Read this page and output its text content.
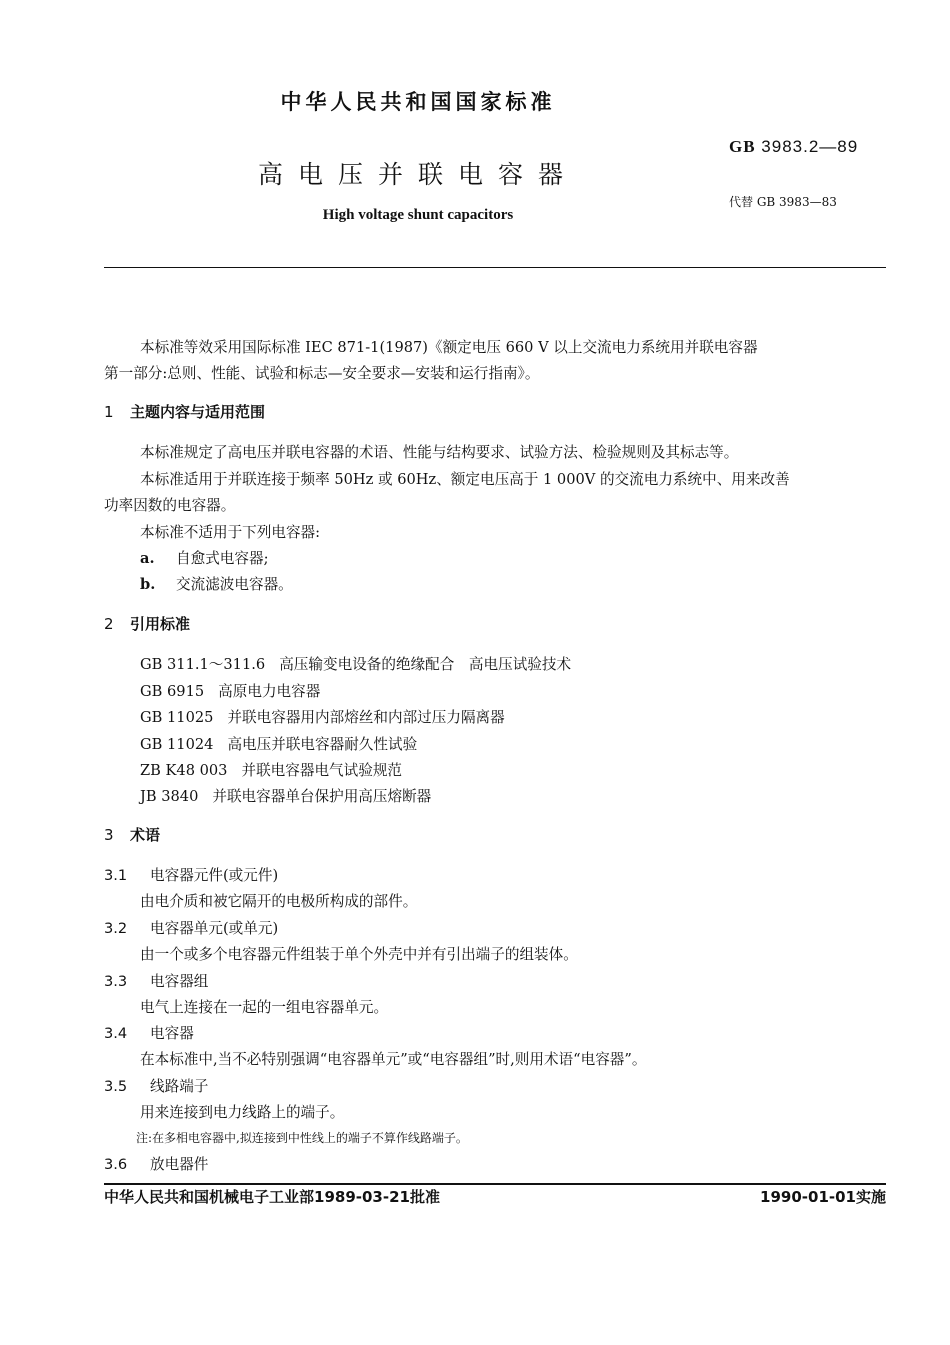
中华人民共和国国家标准
高电压并联电容器
High voltage shunt capacitors
GB 3983.2—89
代替 GB 3983—83
本标准等效采用国际标准 IEC 871-1(1987)《额定电压 660 V 以上交流电力系统用并联电容器
第一部分:总则、性能、试验和标志—安全要求—安装和运行指南》。
1 主题内容与适用范围
本标准规定了高电压并联电容器的术语、性能与结构要求、试验方法、检验规则及其标志等。
本标准适用于并联连接于频率 50Hz 或 60Hz、额定电压高于 1 000V 的交流电力系统中、用来改善
功率因数的电容器。
本标准不适用于下列电容器:
a. 自愈式电容器;
b. 交流滤波电容器。
2 引用标准
GB 311.1～311.6 高压输变电设备的绝缘配合　高电压试验技术
GB 6915 高原电力电容器
GB 11025 并联电容器用内部熔丝和内部过压力隔离器
GB 11024 高电压并联电容器耐久性试验
ZB K48 003 并联电容器电气试验规范
JB 3840 并联电容器单台保护用高压熔断器
3 术语
3.1 电容器元件(或元件)
由电介质和被它隔开的电极所构成的部件。
3.2 电容器单元(或单元)
由一个或多个电容器元件组装于单个外壳中并有引出端子的组装体。
3.3 电容器组
电气上连接在一起的一组电容器单元。
3.4 电容器
在本标准中,当不必特别强调“电容器单元”或“电容器组”时,则用术语“电容器”。
3.5 线路端子
用来连接到电力线路上的端子。
注:在多相电容器中,拟连接到中性线上的端子不算作线路端子。
3.6 放电器件
中华人民共和国机械电子工业部1989-03-21批准	1990-01-01实施
